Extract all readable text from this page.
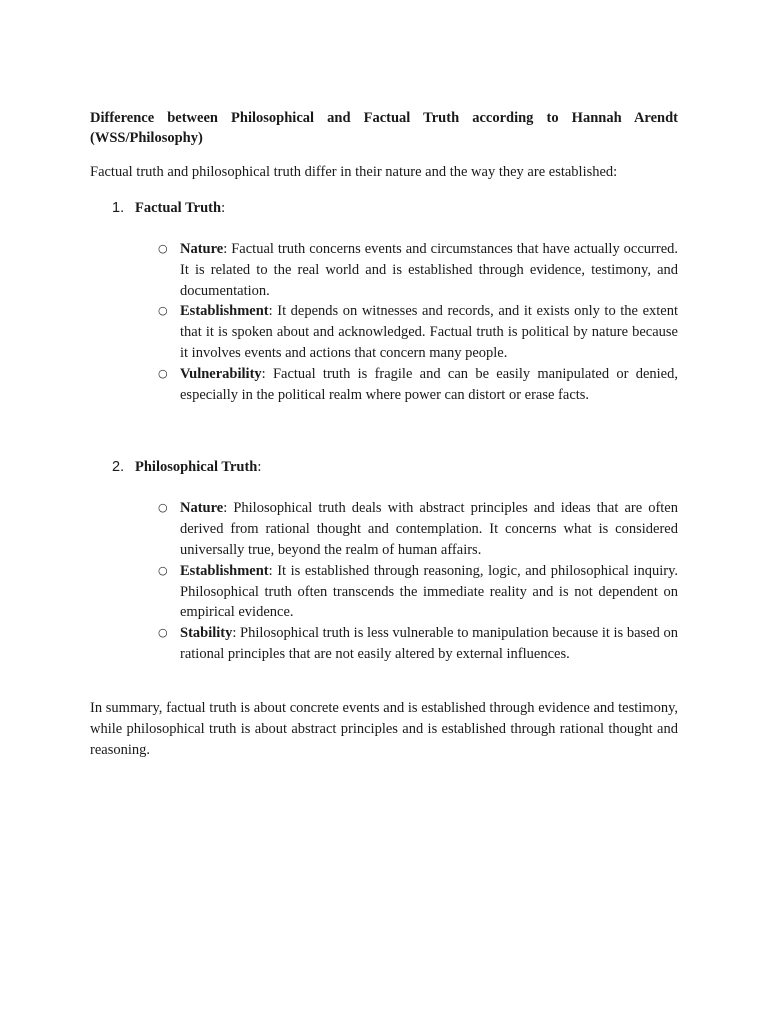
Difference between Philosophical and Factual Truth according to Hannah Arendt (WSS/Philosophy)

Factual truth and philosophical truth differ in their nature and the way they are established:

1. Factual Truth:
○ Nature: Factual truth concerns events and circumstances that have actually occurred. It is related to the real world and is established through evidence, testimony, and documentation.
○ Establishment: It depends on witnesses and records, and it exists only to the extent that it is spoken about and acknowledged. Factual truth is political by nature because it involves events and actions that concern many people.
○ Vulnerability: Factual truth is fragile and can be easily manipulated or denied, especially in the political realm where power can distort or erase facts.
2. Philosophical Truth:
○ Nature: Philosophical truth deals with abstract principles and ideas that are often derived from rational thought and contemplation. It concerns what is considered universally true, beyond the realm of human affairs.
○ Establishment: It is established through reasoning, logic, and philosophical inquiry. Philosophical truth often transcends the immediate reality and is not dependent on empirical evidence.
○ Stability: Philosophical truth is less vulnerable to manipulation because it is based on rational principles that are not easily altered by external influences.

In summary, factual truth is about concrete events and is established through evidence and testimony, while philosophical truth is about abstract principles and is established through rational thought and reasoning.
